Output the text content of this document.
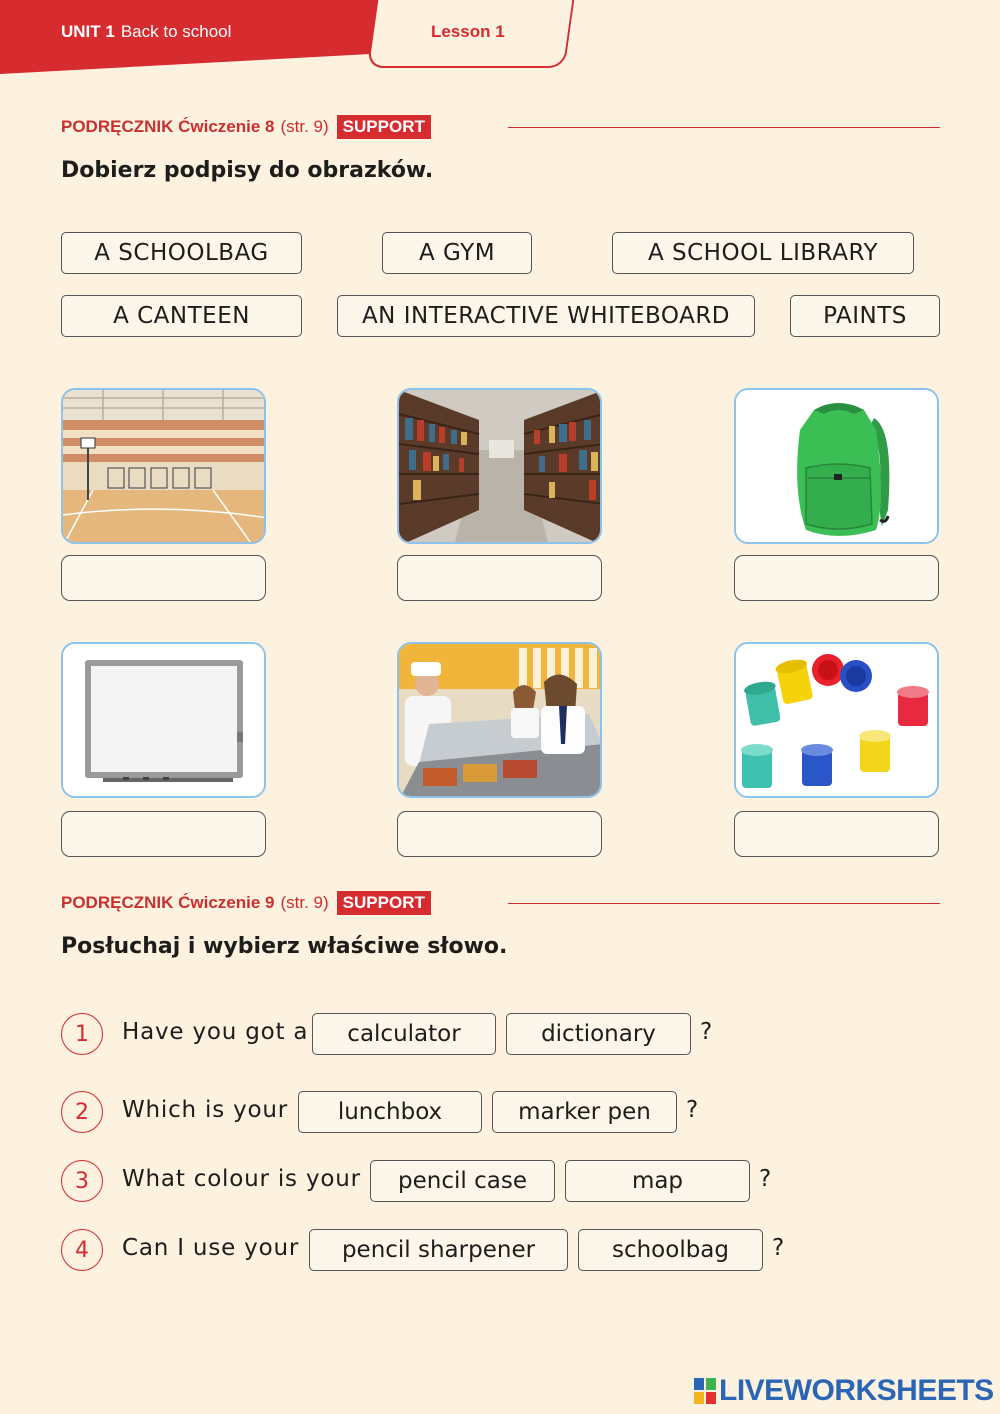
UNIT 1 Back to school	Lesson 1
PODRĘCZNIK Ćwiczenie 8 (str. 9) SUPPORT
Dobierz podpisy do obrazków.
A SCHOOLBAG	A GYM	A SCHOOL LIBRARY
A CANTEEN	AN INTERACTIVE WHITEBOARD	PAINTS
PODRĘCZNIK Ćwiczenie 9 (str. 9) SUPPORT
Posłuchaj i wybierz właściwe słowo.
1	Have you got a	calculator	dictionary	?
2	Which is your	lunchbox	marker pen	?
3	What colour is your	pencil case	map	?
4	Can I use your	pencil sharpener	schoolbag	?
LIVEWORKSHEETS
